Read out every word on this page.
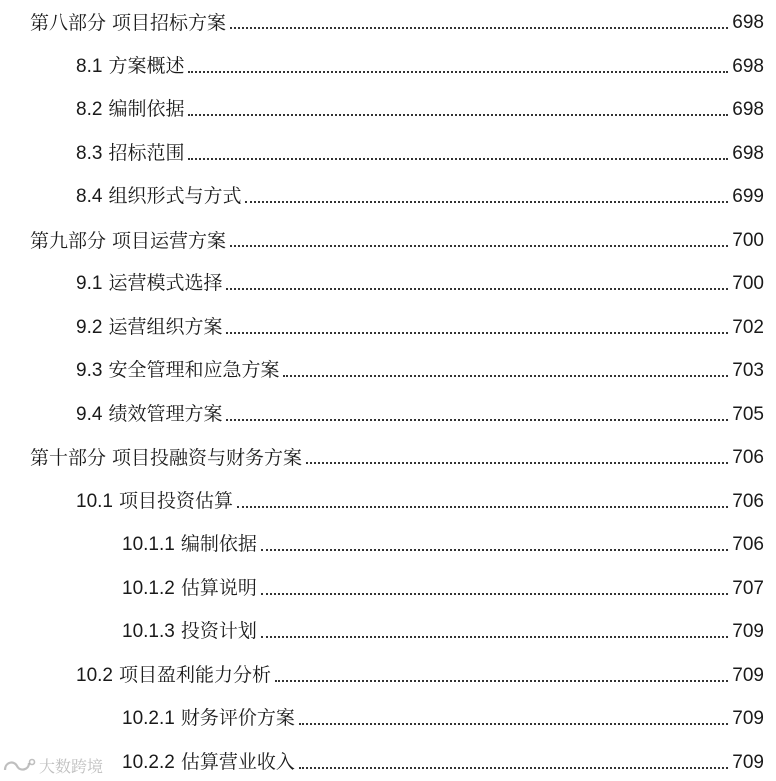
第八部分 项目招标方案	698
8.1 方案概述	698
8.2 编制依据	698
8.3 招标范围	698
8.4 组织形式与方式	699
第九部分 项目运营方案	700
9.1 运营模式选择	700
9.2 运营组织方案	702
9.3 安全管理和应急方案	703
9.4 绩效管理方案	705
第十部分 项目投融资与财务方案	706
10.1 项目投资估算	706
10.1.1 编制依据	706
10.1.2 估算说明	707
10.1.3 投资计划	709
10.2 项目盈利能力分析	709
10.2.1 财务评价方案	709
10.2.2 估算营业收入	709
大数跨境
